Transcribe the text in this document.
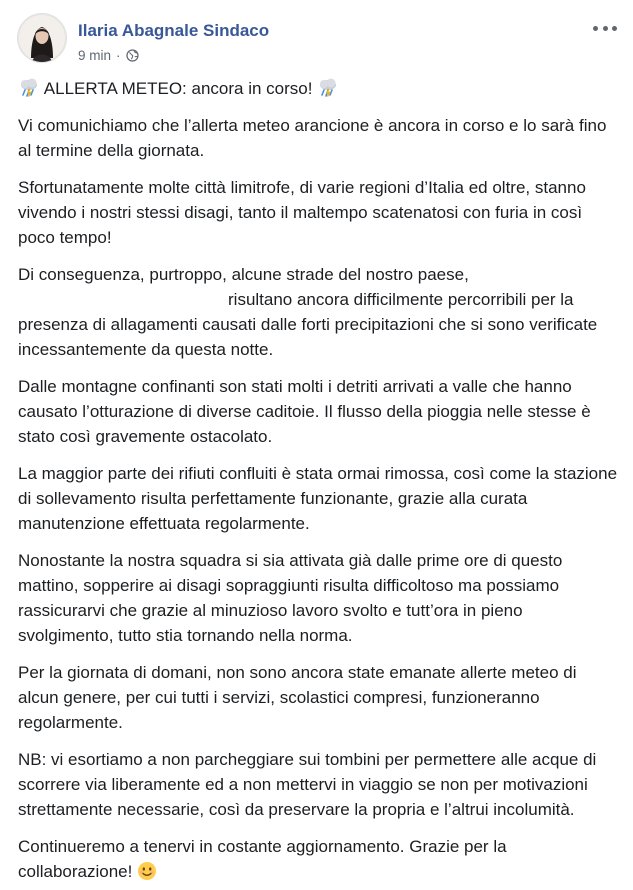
Ilaria Abagnale Sindaco
9 min ·

ALLERTA METEO: ancora in corso!

Vi comunichiamo che l’allerta meteo arancione è ancora in corso e lo sarà fino al termine della giornata.

Sfortunatamente molte città limitrofe, di varie regioni d’Italia ed oltre, stanno vivendo i nostri stessi disagi, tanto il maltempo scatenatosi con furia in così poco tempo!

Di conseguenza, purtroppo, alcune strade del nostro paese,
risultano ancora difficilmente percorribili per la presenza di allagamenti causati dalle forti precipitazioni che si sono verificate incessantemente da questa notte.

Dalle montagne confinanti son stati molti i detriti arrivati a valle che hanno causato l’otturazione di diverse caditoie. Il flusso della pioggia nelle stesse è stato così gravemente ostacolato.

La maggior parte dei rifiuti confluiti è stata ormai rimossa, così come la stazione di sollevamento risulta perfettamente funzionante, grazie alla curata manutenzione effettuata regolarmente.

Nonostante la nostra squadra si sia attivata già dalle prime ore di questo mattino, sopperire ai disagi sopraggiunti risulta difficoltoso ma possiamo rassicurarvi che grazie al minuzioso lavoro svolto e tutt’ora in pieno svolgimento, tutto stia tornando nella norma.

Per la giornata di domani, non sono ancora state emanate allerte meteo di alcun genere, per cui tutti i servizi, scolastici compresi, funzioneranno regolarmente.

NB: vi esortiamo a non parcheggiare sui tombini per permettere alle acque di scorrere via liberamente ed a non mettervi in viaggio se non per motivazioni strettamente necessarie, così da preservare la propria e l’altrui incolumità.

Continueremo a tenervi in costante aggiornamento. Grazie per la collaborazione!
